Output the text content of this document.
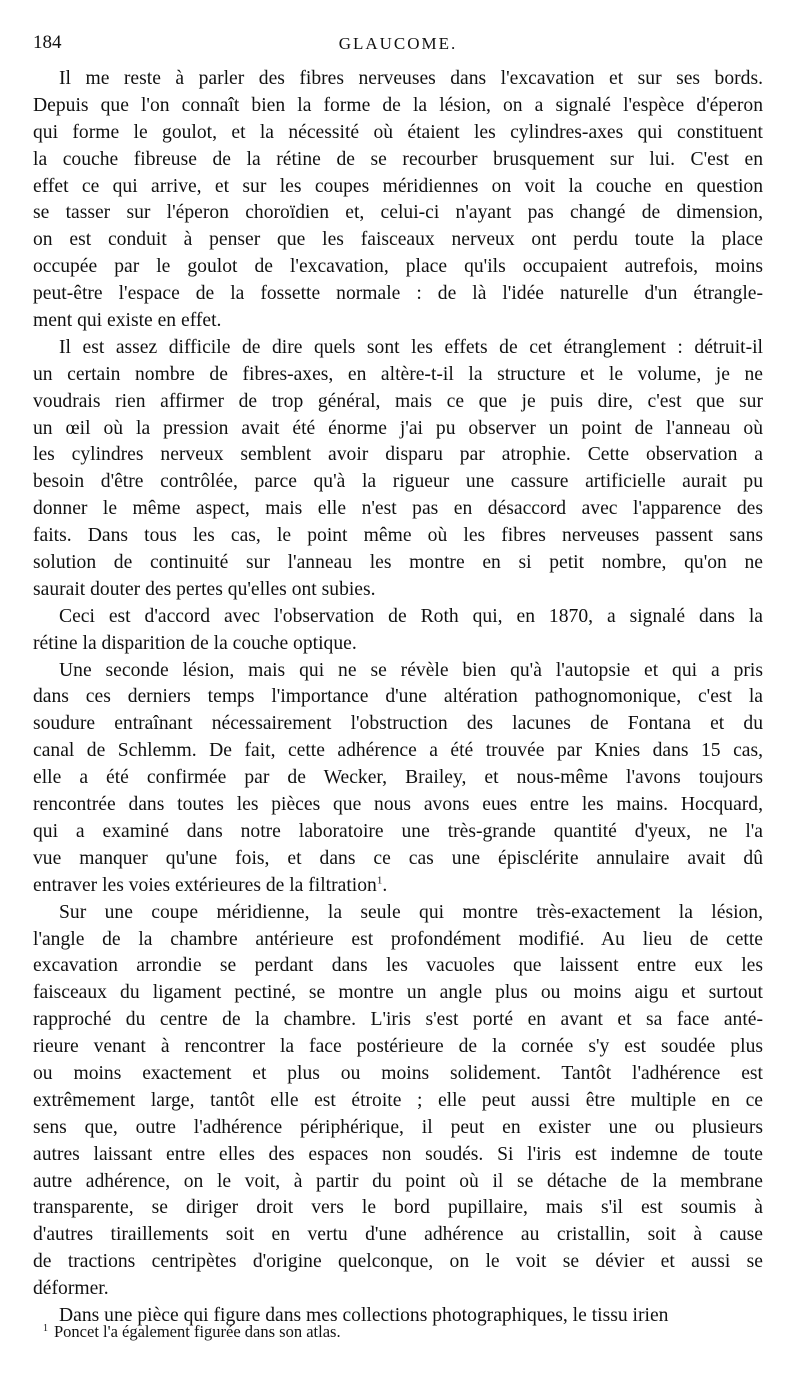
184	GLAUCOME.
Il me reste à parler des fibres nerveuses dans l'excavation et sur ses bords.
Depuis que l'on connaît bien la forme de la lésion, on a signalé l'espèce d'éperon
qui forme le goulot, et la nécessité où étaient les cylindres-axes qui constituent
la couche fibreuse de la rétine de se recourber brusquement sur lui. C'est en
effet ce qui arrive, et sur les coupes méridiennes on voit la couche en question
se tasser sur l'éperon choroïdien et, celui-ci n'ayant pas changé de dimension,
on est conduit à penser que les faisceaux nerveux ont perdu toute la place
occupée par le goulot de l'excavation, place qu'ils occupaient autrefois, moins
peut-être l'espace de la fossette normale : de là l'idée naturelle d'un étrangle-
ment qui existe en effet.
Il est assez difficile de dire quels sont les effets de cet étranglement : détruit-il
un certain nombre de fibres-axes, en altère-t-il la structure et le volume, je ne
voudrais rien affirmer de trop général, mais ce que je puis dire, c'est que sur
un œil où la pression avait été énorme j'ai pu observer un point de l'anneau où
les cylindres nerveux semblent avoir disparu par atrophie. Cette observation a
besoin d'être contrôlée, parce qu'à la rigueur une cassure artificielle aurait pu
donner le même aspect, mais elle n'est pas en désaccord avec l'apparence des
faits. Dans tous les cas, le point même où les fibres nerveuses passent sans
solution de continuité sur l'anneau les montre en si petit nombre, qu'on ne
saurait douter des pertes qu'elles ont subies.
Ceci est d'accord avec l'observation de Roth qui, en 1870, a signalé dans la
rétine la disparition de la couche optique.
Une seconde lésion, mais qui ne se révèle bien qu'à l'autopsie et qui a pris
dans ces derniers temps l'importance d'une altération pathognomonique, c'est la
soudure entraînant nécessairement l'obstruction des lacunes de Fontana et du
canal de Schlemm. De fait, cette adhérence a été trouvée par Knies dans 15 cas,
elle a été confirmée par de Wecker, Brailey, et nous-même l'avons toujours
rencontrée dans toutes les pièces que nous avons eues entre les mains. Hocquard,
qui a examiné dans notre laboratoire une très-grande quantité d'yeux, ne l'a
vue manquer qu'une fois, et dans ce cas une épisclérite annulaire avait dû
entraver les voies extérieures de la filtration$^1$.
Sur une coupe méridienne, la seule qui montre très-exactement la lésion,
l'angle de la chambre antérieure est profondément modifié. Au lieu de cette
excavation arrondie se perdant dans les vacuoles que laissent entre eux les
faisceaux du ligament pectiné, se montre un angle plus ou moins aigu et surtout
rapproché du centre de la chambre. L'iris s'est porté en avant et sa face anté-
rieure venant à rencontrer la face postérieure de la cornée s'y est soudée plus
ou moins exactement et plus ou moins solidement. Tantôt l'adhérence est
extrêmement large, tantôt elle est étroite ; elle peut aussi être multiple en ce
sens que, outre l'adhérence périphérique, il peut en exister une ou plusieurs
autres laissant entre elles des espaces non soudés. Si l'iris est indemne de toute
autre adhérence, on le voit, à partir du point où il se détache de la membrane
transparente, se diriger droit vers le bord pupillaire, mais s'il est soumis à
d'autres tiraillements soit en vertu d'une adhérence au cristallin, soit à cause
de tractions centripètes d'origine quelconque, on le voit se dévier et aussi se
déformer.
Dans une pièce qui figure dans mes collections photographiques, le tissu irien
$^1$ Poncet l'a également figurée dans son atlas.
